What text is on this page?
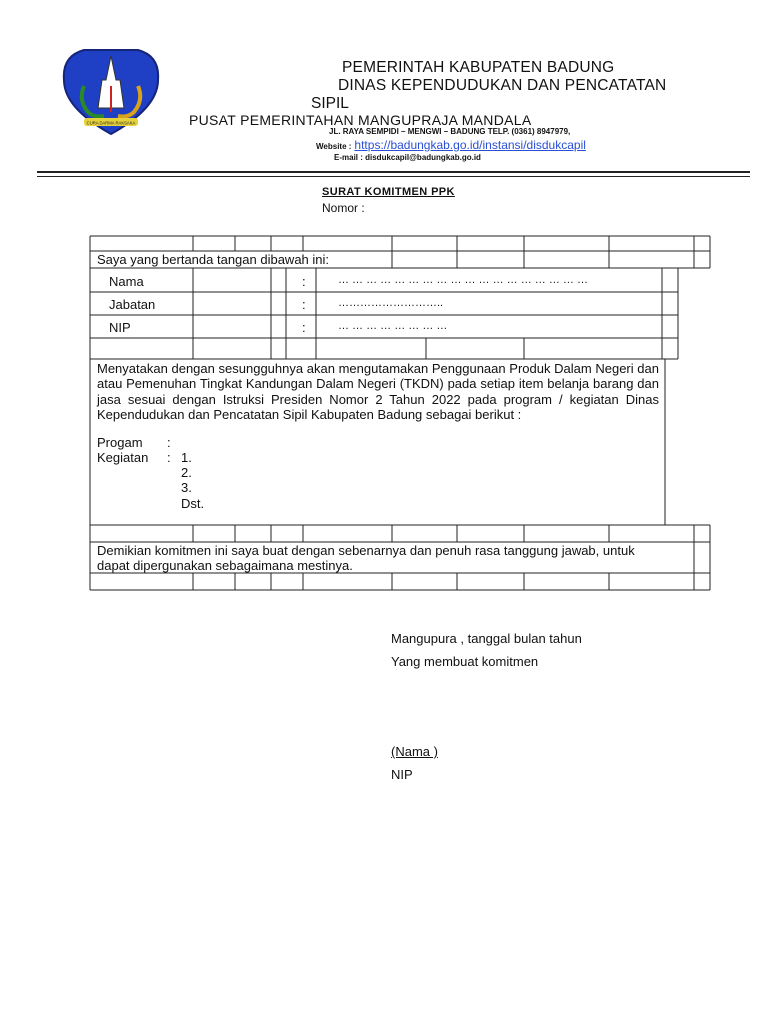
CURA DARMA RAKSAKA
PEMERINTAH KABUPATEN BADUNG
DINAS KEPENDUDUKAN DAN PENCATATAN
SIPIL
PUSAT PEMERINTAHAN MANGUPRAJA MANDALA
JL. RAYA SEMPIDI – MENGWI – BADUNG TELP. (0361) 8947979,
Website : https://badungkab.go.id/instansi/disdukcapil
E-mail : disdukcapil@badungkab.go.id
SURAT KOMITMEN PPK
Nomor :
Saya yang bertanda tangan dibawah ini:
Nama	:	… … … … … … … … … … … … … … … … … …
Jabatan	:	………………………..
NIP	:	… … … … … … … …
Menyatakan dengan sesungguhnya akan mengutamakan Penggunaan Produk Dalam Negeri dan atau Pemenuhan Tingkat Kandungan Dalam Negeri (TKDN) pada setiap item belanja barang dan jasa sesuai dengan Istruksi Presiden Nomor 2 Tahun 2022 pada program / kegiatan Dinas Kependudukan dan Pencatatan Sipil Kabupaten Badung sebagai berikut :
Progam :
Kegiatan : 1.
2.
3.
Dst.
Demikian komitmen ini saya buat dengan sebenarnya dan penuh rasa tanggung jawab, untuk dapat dipergunakan sebagaimana mestinya.
Mangupura , tanggal bulan tahun
Yang membuat komitmen
(Nama )
NIP
